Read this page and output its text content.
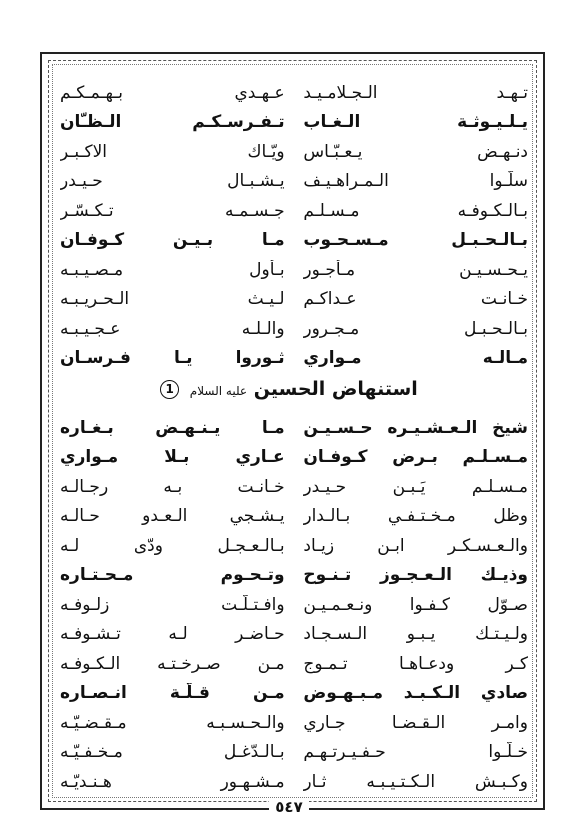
تـهـد الـجـلامـيـد
عـهـدي بـهـمـكـم
يـلـيـوثـة الـغـاب
تـفـرسـكـم الـظـّان
دنـهـض يـعـبّـاس
ويّـاك الاكـبـر
سلّـوا الـمـراهـيـف
يـشـبـال حـيـدر
بـالـكـوفـه مـسـلـم
جـسـمـه تـكـسّـر
بـالـحـبـل مـسـحـوب
مـا بـيـن كـوفـان
يـحـسـيـن مـأجـور
بـأول مـصـيـبـه
خـانـت عـداكـم
لـيـث الـحـريـبـه
بـالـحـبـل مـجـرور
والـلـه عـجـيـبـه
مـالـه مـواري
ثـوروا يـا فـرسـان
استنهاض الحسين عليه السلام 1
شيخ الـعـشـيـره حـسـيـن
مـا يـنـهـض بـغـاره
مـسـلـم بـرض كـوفـان
عـاري بـلا مـواري
مـسـلـم يَـبـن حـيـدر
خـانـت بـه رجـالـه
وظل مـخـتـفـي بـالـدار
يـشـجي الـعـدو حـالـه
والـعـسـكـر ابـن زيـاد
بـالـعـجـل ودّى لـه
وذيـك الـعـجـوز تـنـوح
وتـحـوم مـحـتـاره
صـوّل كـفـوا ونـعـمـيـن
وافـتـلّـت زلـوفـه
ولـيـتـك يـبـو الـسـجـاد
حـاضـر لـه تـشـوفـه
كـر ودعـاهـا تـمـوج
مـن صـرخـتـه الـكـوفـه
صادي الـكـبـد مـبـهـوض
مـن قـلّـة انـصـاره
وامـر الـقـضـا جـاري
والـحـسـبـه مـقـضـيّـه
خـلّـوا حـفـيـرتـهـم
بـالـدّغـل مـخـفـيّـه
وكـبـش الـكـتـيـبـه ثـار
مـشـهـور هـنـديّـه
٥٤٧
